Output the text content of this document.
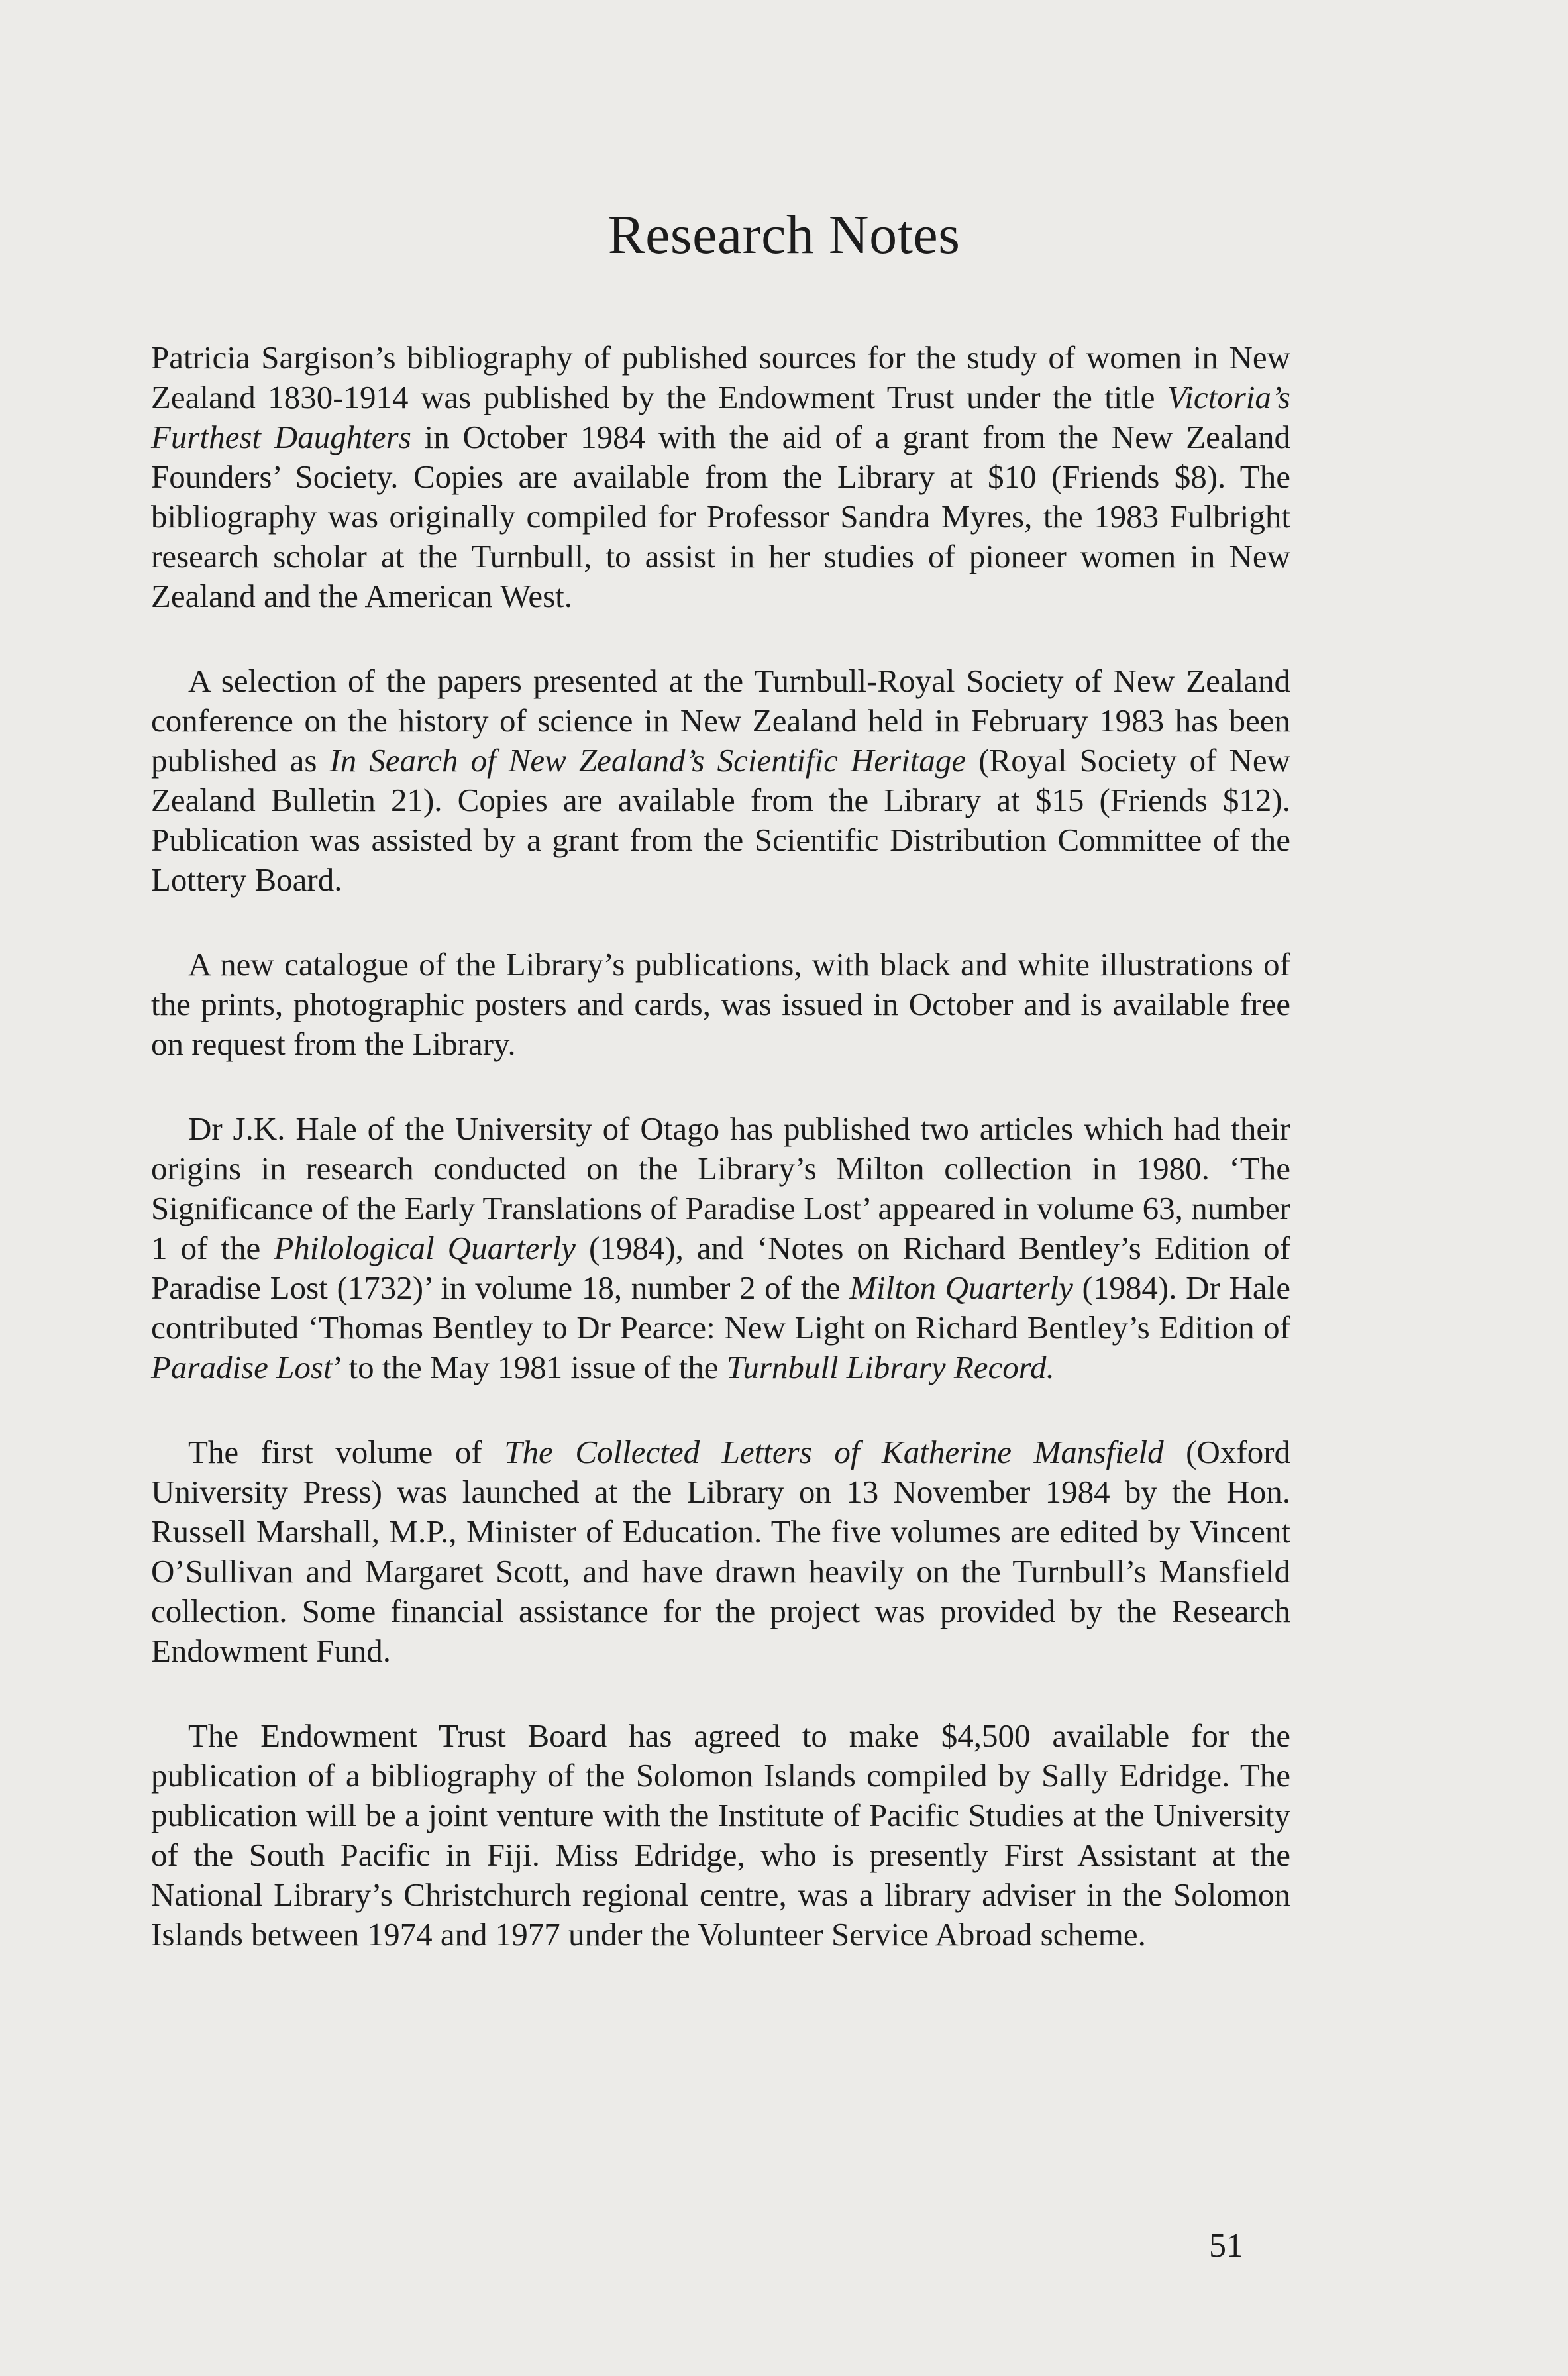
Research Notes

Patricia Sargison’s bibliography of published sources for the study of women in New Zealand 1830-1914 was published by the Endowment Trust under the title Victoria’s Furthest Daughters in October 1984 with the aid of a grant from the New Zealand Founders’ Society. Copies are available from the Library at $10 (Friends $8). The bibliography was originally compiled for Professor Sandra Myres, the 1983 Fulbright research scholar at the Turnbull, to assist in her studies of pioneer women in New Zealand and the American West.

A selection of the papers presented at the Turnbull-Royal Society of New Zealand conference on the history of science in New Zealand held in February 1983 has been published as In Search of New Zealand’s Scientific Heritage (Royal Society of New Zealand Bulletin 21). Copies are available from the Library at $15 (Friends $12). Publication was assisted by a grant from the Scientific Distribution Committee of the Lottery Board.

A new catalogue of the Library’s publications, with black and white illustrations of the prints, photographic posters and cards, was issued in October and is available free on request from the Library.

Dr J.K. Hale of the University of Otago has published two articles which had their origins in research conducted on the Library’s Milton collection in 1980. ‘The Significance of the Early Translations of Paradise Lost’ appeared in volume 63, number 1 of the Philological Quarterly (1984), and ‘Notes on Richard Bentley’s Edition of Paradise Lost (1732)’ in volume 18, number 2 of the Milton Quarterly (1984). Dr Hale contributed ‘Thomas Bentley to Dr Pearce: New Light on Richard Bentley’s Edition of Paradise Lost’ to the May 1981 issue of the Turnbull Library Record.

The first volume of The Collected Letters of Katherine Mansfield (Oxford University Press) was launched at the Library on 13 November 1984 by the Hon. Russell Marshall, M.P., Minister of Education. The five volumes are edited by Vincent O’Sullivan and Margaret Scott, and have drawn heavily on the Turnbull’s Mansfield collection. Some financial assistance for the project was provided by the Research Endowment Fund.

The Endowment Trust Board has agreed to make $4,500 available for the publication of a bibliography of the Solomon Islands compiled by Sally Edridge. The publication will be a joint venture with the Institute of Pacific Studies at the University of the South Pacific in Fiji. Miss Edridge, who is presently First Assistant at the National Library’s Christchurch regional centre, was a library adviser in the Solomon Islands between 1974 and 1977 under the Volunteer Service Abroad scheme.

51
